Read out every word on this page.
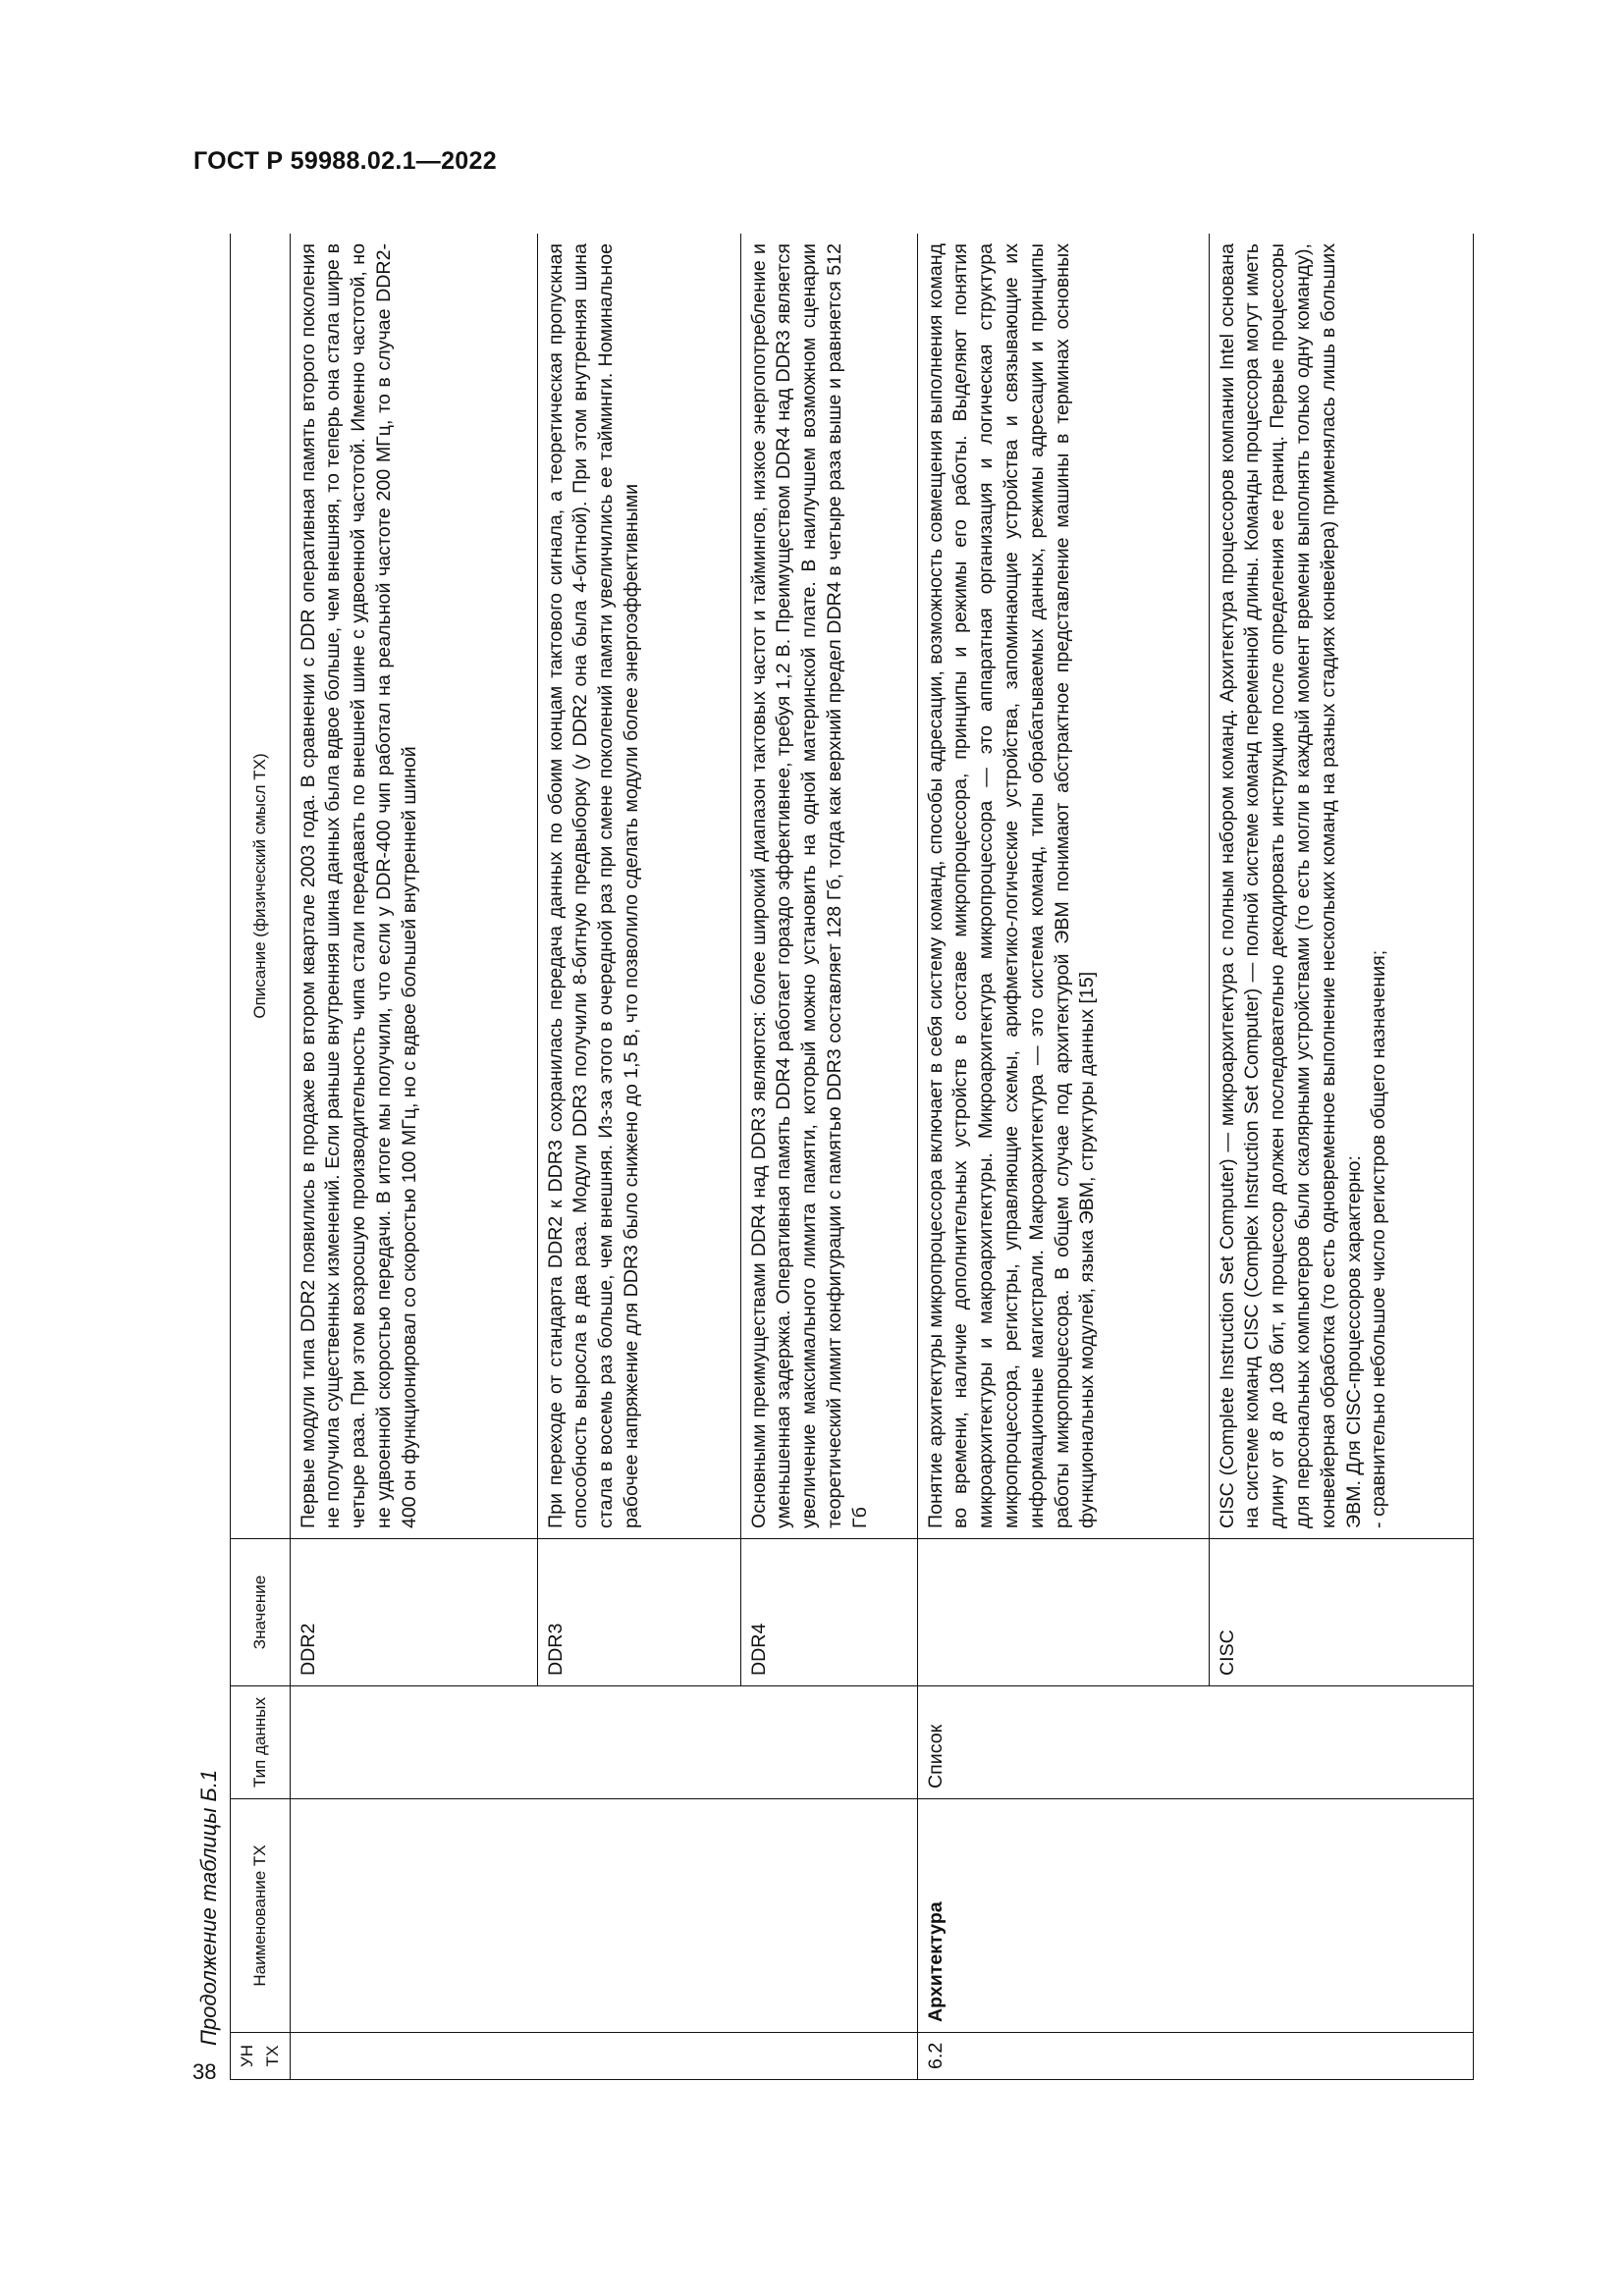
ГОСТ Р 59988.02.1—2022
Продолжение таблицы Б.1
38
УН ТХ	Наименование ТХ	Тип данных	Значение	Описание (физический смысл ТХ)
			DDR2	Первые модули типа DDR2 появились в продаже во втором квартале 2003 года. В сравнении с DDR оперативная память второго поколения не получила существенных изменений. Если раньше внутренняя шина данных была вдвое больше, чем внешняя, то теперь она стала шире в четыре раза. При этом возросшую производительность чипа стали передавать по внешней шине с удвоенной частотой. Именно частотой, но не удвоенной скоростью передачи. В итоге мы получили, что если у DDR-400 чип работал на реальной частоте 200 МГц, то в случае DDR2-400 он функционировал со скоростью 100 МГц, но с вдвое большей внутренней шиной
			DDR3	При переходе от стандарта DDR2 к DDR3 сохранилась передача данных по обоим концам тактового сигнала, а теоретическая пропускная способность выросла в два раза. Модули DDR3 получили 8-битную предвыборку (у DDR2 она была 4-битной). При этом внутренняя шина стала в восемь раз больше, чем внешняя. Из-за этого в очередной раз при смене поколений памяти увеличились ее тайминги. Номинальное рабочее напряжение для DDR3 было снижено до 1,5 В, что позволило сделать модули более энергоэффективными
			DDR4	Основными преимуществами DDR4 над DDR3 являются: более широкий диапазон тактовых частот и таймингов, низкое энергопотребление и уменьшенная задержка. Оперативная память DDR4 работает гораздо эффективнее, требуя 1,2 В. Преимуществом DDR4 над DDR3 является увеличение максимального лимита памяти, который можно установить на одной материнской плате. В наилучшем возможном сценарии теоретический лимит конфигурации с памятью DDR3 составляет 128 Гб, тогда как верхний предел DDR4 в четыре раза выше и равняется 512 Гб
6.2	Архитектура	Список		Понятие архитектуры микропроцессора включает в себя систему команд, способы адресации, возможность совмещения выполнения команд во времени, наличие дополнительных устройств в составе микропроцессора, принципы и режимы его работы. Выделяют понятия микроархитектуры и макроархитектуры. Микроархитектура микропроцессора — это аппаратная организация и логическая структура микропроцессора, регистры, управляющие схемы, арифметико-логические устройства, запоминающие устройства и связывающие их информационные магистрали. Макроархитектура — это система команд, типы обрабатываемых данных, режимы адресации и принципы работы микропроцессора. В общем случае под архитектурой ЭВМ понимают абстрактное представление машины в терминах основных функциональных модулей, языка ЭВМ, структуры данных [15]
			CISC	CISC (Complete Instruction Set Computer) — микроархитектура с полным набором команд. Архитектура процессоров компании Intel основана на системе команд CISC (Complex Instruction Set Computer) — полной системе команд переменной длины. Команды процессора могут иметь длину от 8 до 108 бит, и процессор должен последовательно декодировать инструкцию после определения ее границ. Первые процессоры для персональных компьютеров были скалярными устройствами (то есть могли в каждый момент времени выполнять только одну команду), конвейерная обработка (то есть одновременное выполнение нескольких команд на разных стадиях конвейера) применялась лишь в больших ЭВМ. Для CISC-процессоров характерно: - сравнительно небольшое число регистров общего назначения;
